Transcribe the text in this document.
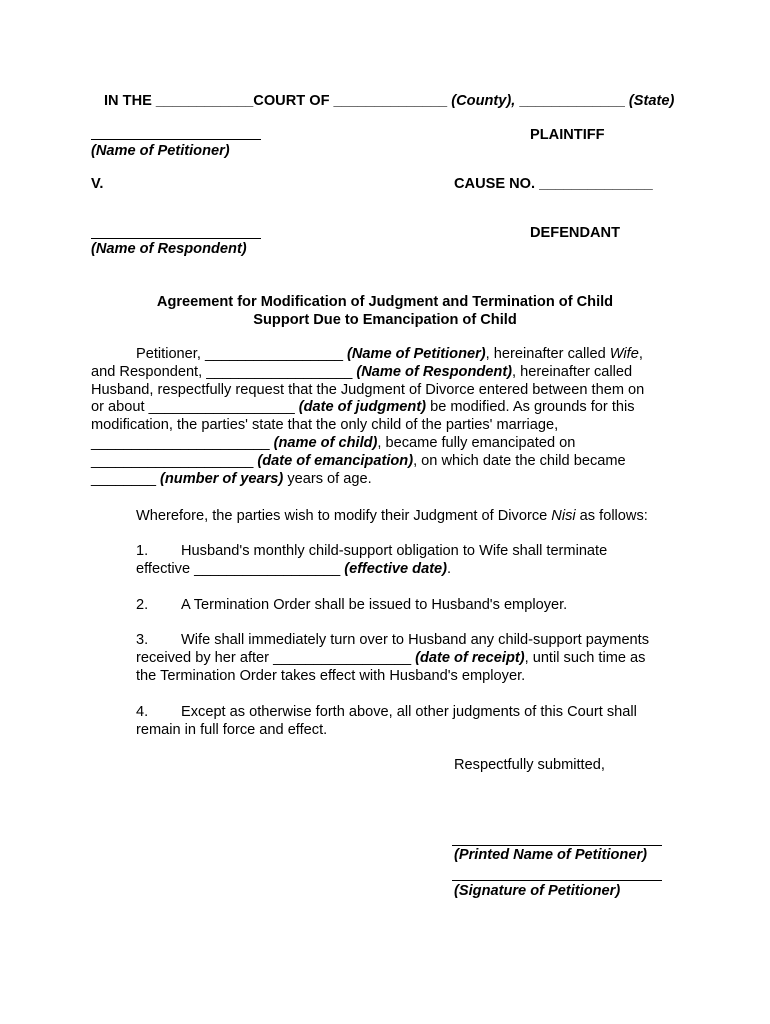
IN THE ____________COURT OF ______________ (County), _____________ (State)
(Name of Petitioner)
PLAINTIFF
V.	CAUSE NO. ______________
(Name of Respondent)
DEFENDANT
Agreement for Modification of Judgment and Termination of Child
Support Due to Emancipation of Child
Petitioner, _________________ (Name of Petitioner), hereinafter called Wife,
and Respondent, __________________ (Name of Respondent), hereinafter called
Husband, respectfully request that the Judgment of Divorce entered between them on
or about __________________ (date of judgment) be modified. As grounds for this
modification, the parties' state that the only child of the parties' marriage,
______________________ (name of child), became fully emancipated on
____________________ (date of emancipation), on which date the child became
________ (number of years) years of age.
Wherefore, the parties wish to modify their Judgment of Divorce Nisi as follows:
1. Husband's monthly child-support obligation to Wife shall terminate
effective __________________ (effective date).
2. A Termination Order shall be issued to Husband's employer.
3. Wife shall immediately turn over to Husband any child-support payments
received by her after _________________ (date of receipt), until such time as
the Termination Order takes effect with Husband's employer.
4. Except as otherwise forth above, all other judgments of this Court shall
remain in full force and effect.
Respectfully submitted,
(Printed Name of Petitioner)
(Signature of Petitioner)
